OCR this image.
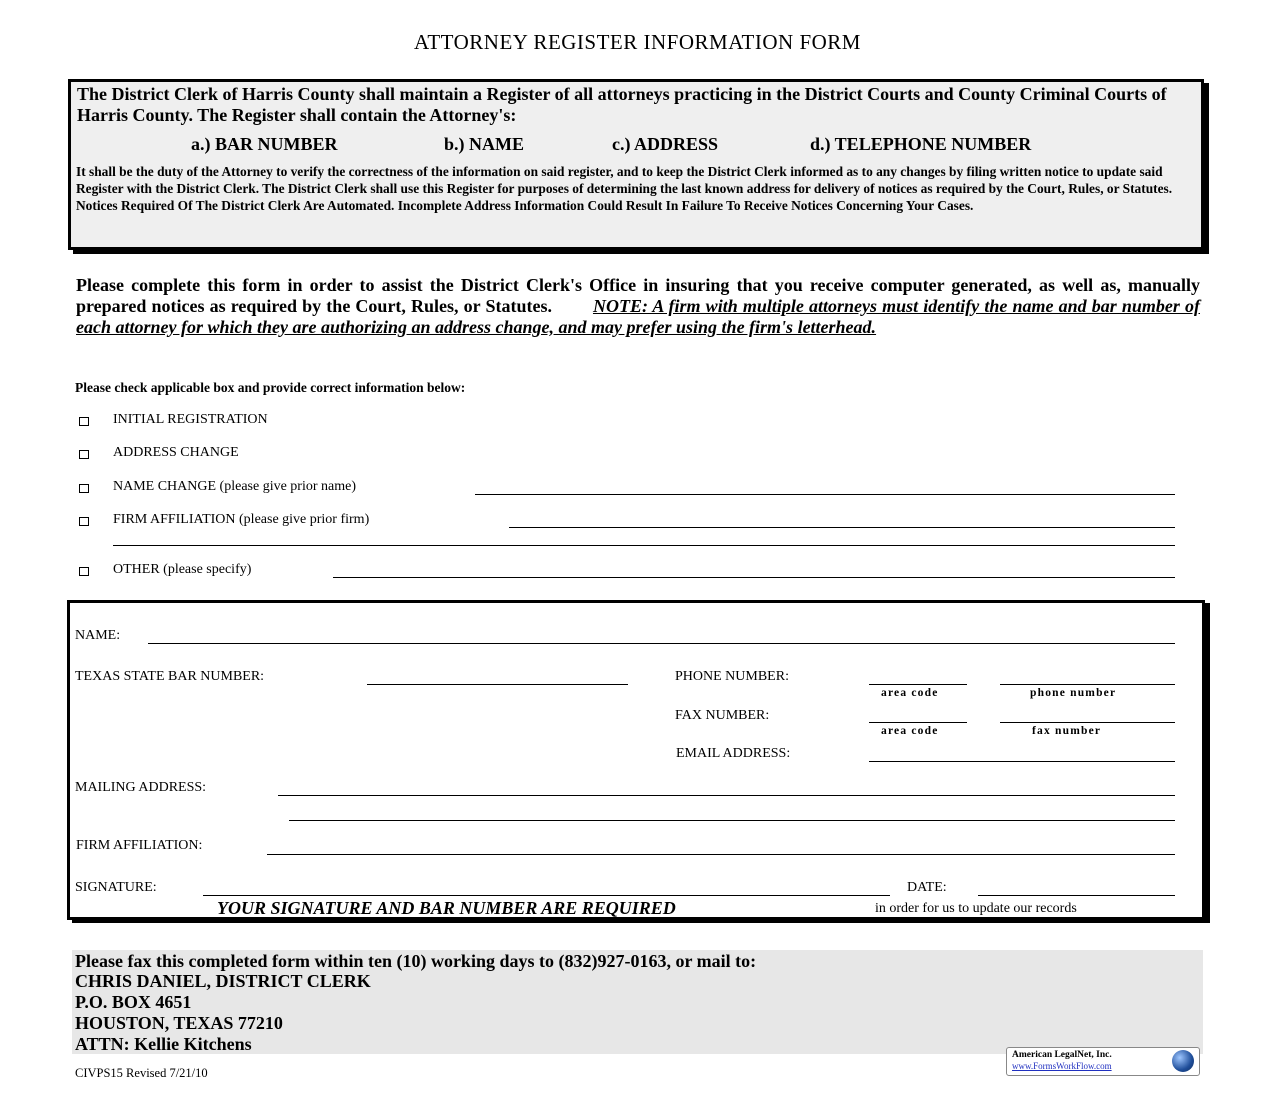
ATTORNEY REGISTER INFORMATION FORM
The District Clerk of Harris County shall maintain a Register of all attorneys practicing in the District Courts and County Criminal Courts of Harris County. The Register shall contain the Attorney's:
a.) BAR NUMBER	b.) NAME	c.) ADDRESS	d.) TELEPHONE NUMBER
It shall be the duty of the Attorney to verify the correctness of the information on said register, and to keep the District Clerk informed as to any changes by filing written notice to update said Register with the District Clerk. The District Clerk shall use this Register for purposes of determining the last known address for delivery of notices as required by the Court, Rules, or Statutes. Notices Required Of The District Clerk Are Automated. Incomplete Address Information Could Result In Failure To Receive Notices Concerning Your Cases.
Please complete this form in order to assist the District Clerk's Office in insuring that you receive computer generated, as well as, manually prepared notices as required by the Court, Rules, or Statutes. NOTE: A firm with multiple attorneys must identify the name and bar number of each attorney for which they are authorizing an address change, and may prefer using the firm's letterhead.
Please check applicable box and provide correct information below:
INITIAL REGISTRATION
ADDRESS CHANGE
NAME CHANGE (please give prior name)
FIRM AFFILIATION (please give prior firm)
OTHER (please specify)
NAME:
TEXAS STATE BAR NUMBER:	PHONE NUMBER:
area code	phone number
FAX NUMBER:
area code	fax number
EMAIL ADDRESS:
MAILING ADDRESS:
FIRM AFFILIATION:
SIGNATURE:	DATE:
YOUR SIGNATURE AND BAR NUMBER ARE REQUIRED	in order for us to update our records
Please fax this completed form within ten (10) working days to (832)927-0163, or mail to:
CHRIS DANIEL, DISTRICT CLERK
P.O. BOX 4651
HOUSTON, TEXAS 77210
ATTN: Kellie Kitchens
CIVPS15 Revised 7/21/10
American LegalNet, Inc.
www.FormsWorkFlow.com
